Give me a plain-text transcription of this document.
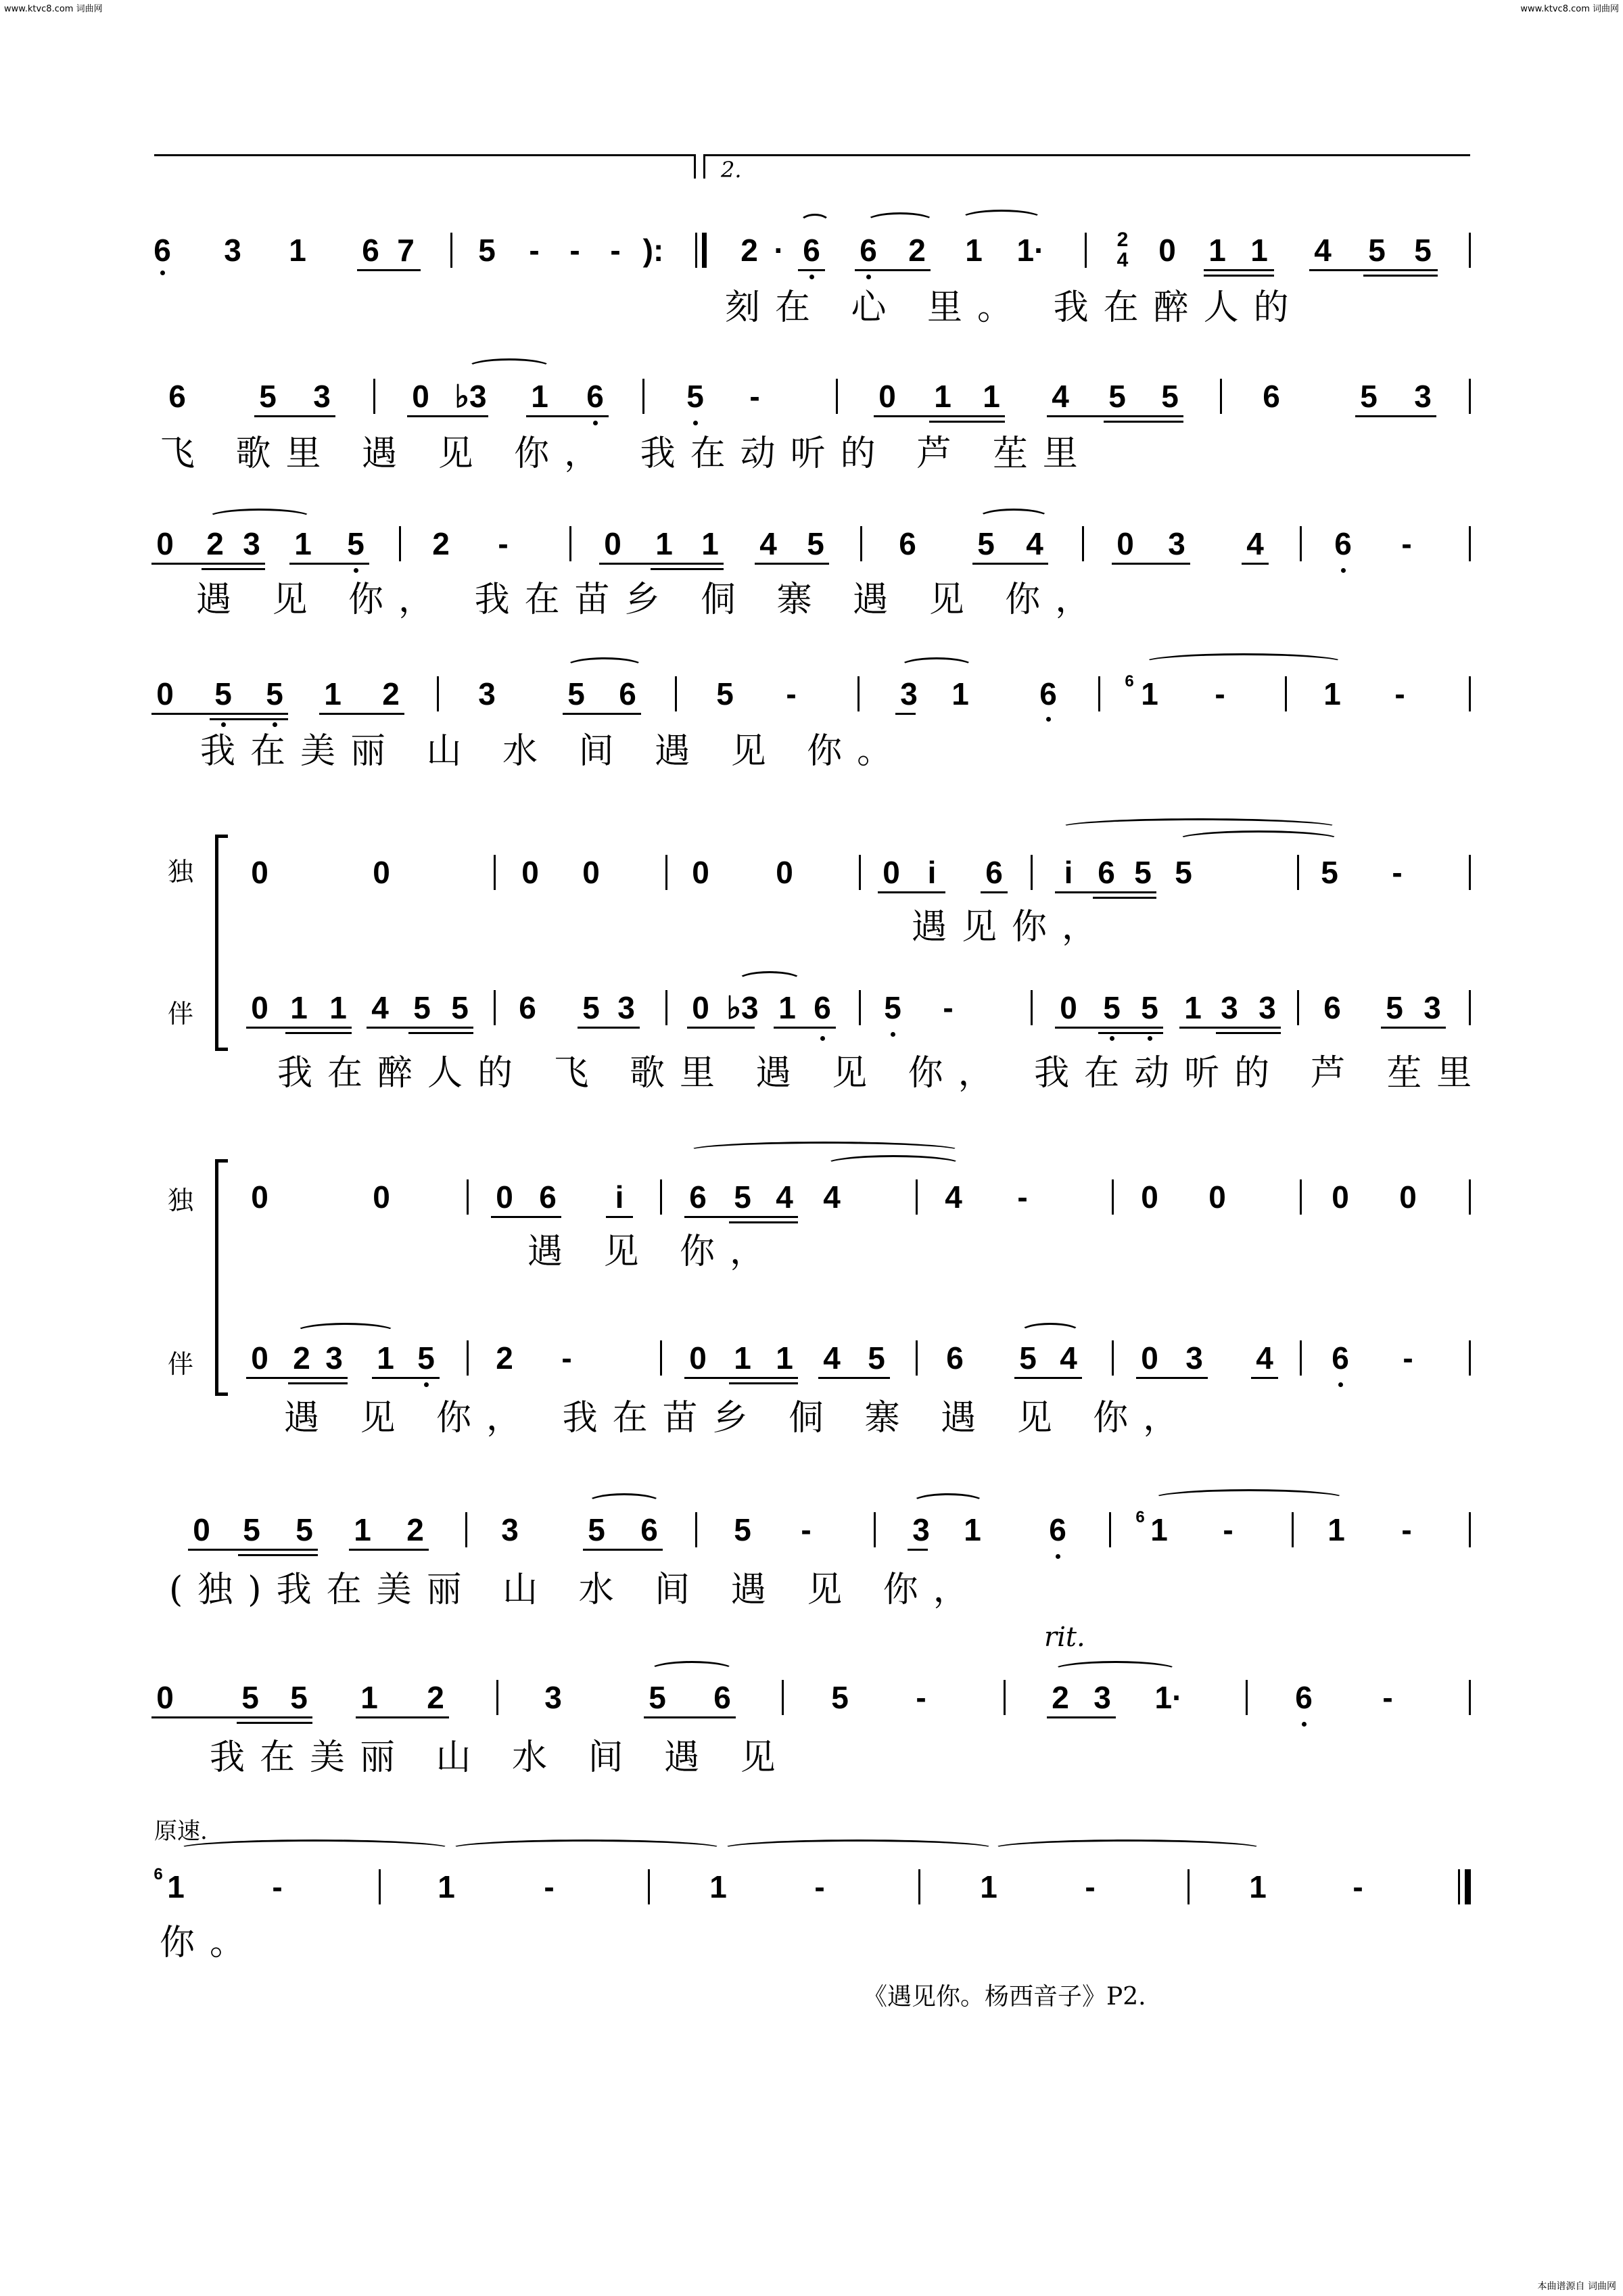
www.ktvc8.com 词曲网	www.ktvc8.com 词曲网
2.
6	3	1	6 7	5	- - - ):	2 · 6	6	2	1	1·	2
4 0	1 1	4	5 5
刻在 心 里。 我在醉人的
6	5	3	0 ♭3	1	6	5	-	0	1	1	4	5	5	6	5	3
飞 歌里 遇 见 你， 我在动听的 芦 苼里
0	2 3	1	5	2	-	0	1 1	4 5	6	5	4	0	3	4	6	-
遇 见 你， 我在苗乡 侗 寨 遇 见 你，
0	5	5	1	2	3	5	6	5	-	3	1	6	6 1	-	1	-
我在美丽 山 水 间 遇 见 你。
独
伴
0	0	0	0	0	0	0 i	6	i 6 5 5	5	-
遇见你，
0 1 1 4 5 5	6	5 3	0 ♭3 1 6	5	-	0 5 5 1 3 3	6	5 3
我在醉人的 飞 歌里 遇 见 你， 我在动听的 芦 苼里
独
伴
0	0	0 6	i	6 5 4 4	4	-	0	0	0	0
遇 见 你，
0 2 3	1 5	2	-	0 1 1 4 5	6	5 4	0 3	4	6	-
遇 见 你， 我在苗乡 侗 寨 遇 见 你，
0	5	5	1	2	3	5	6	5	-	3	1	6	6 1	-	1	-
(独)我在美丽 山 水 间 遇 见 你，
rit.
0	5	5	1	2	3	5	6	5	-	2 3	1·	6	-
我在美丽 山 水 间 遇 见
原速.
6 1	-	1	-	1	-	1	-	1	-
你。
《遇见你。杨西音子》P2.
本曲谱源自 词曲网
